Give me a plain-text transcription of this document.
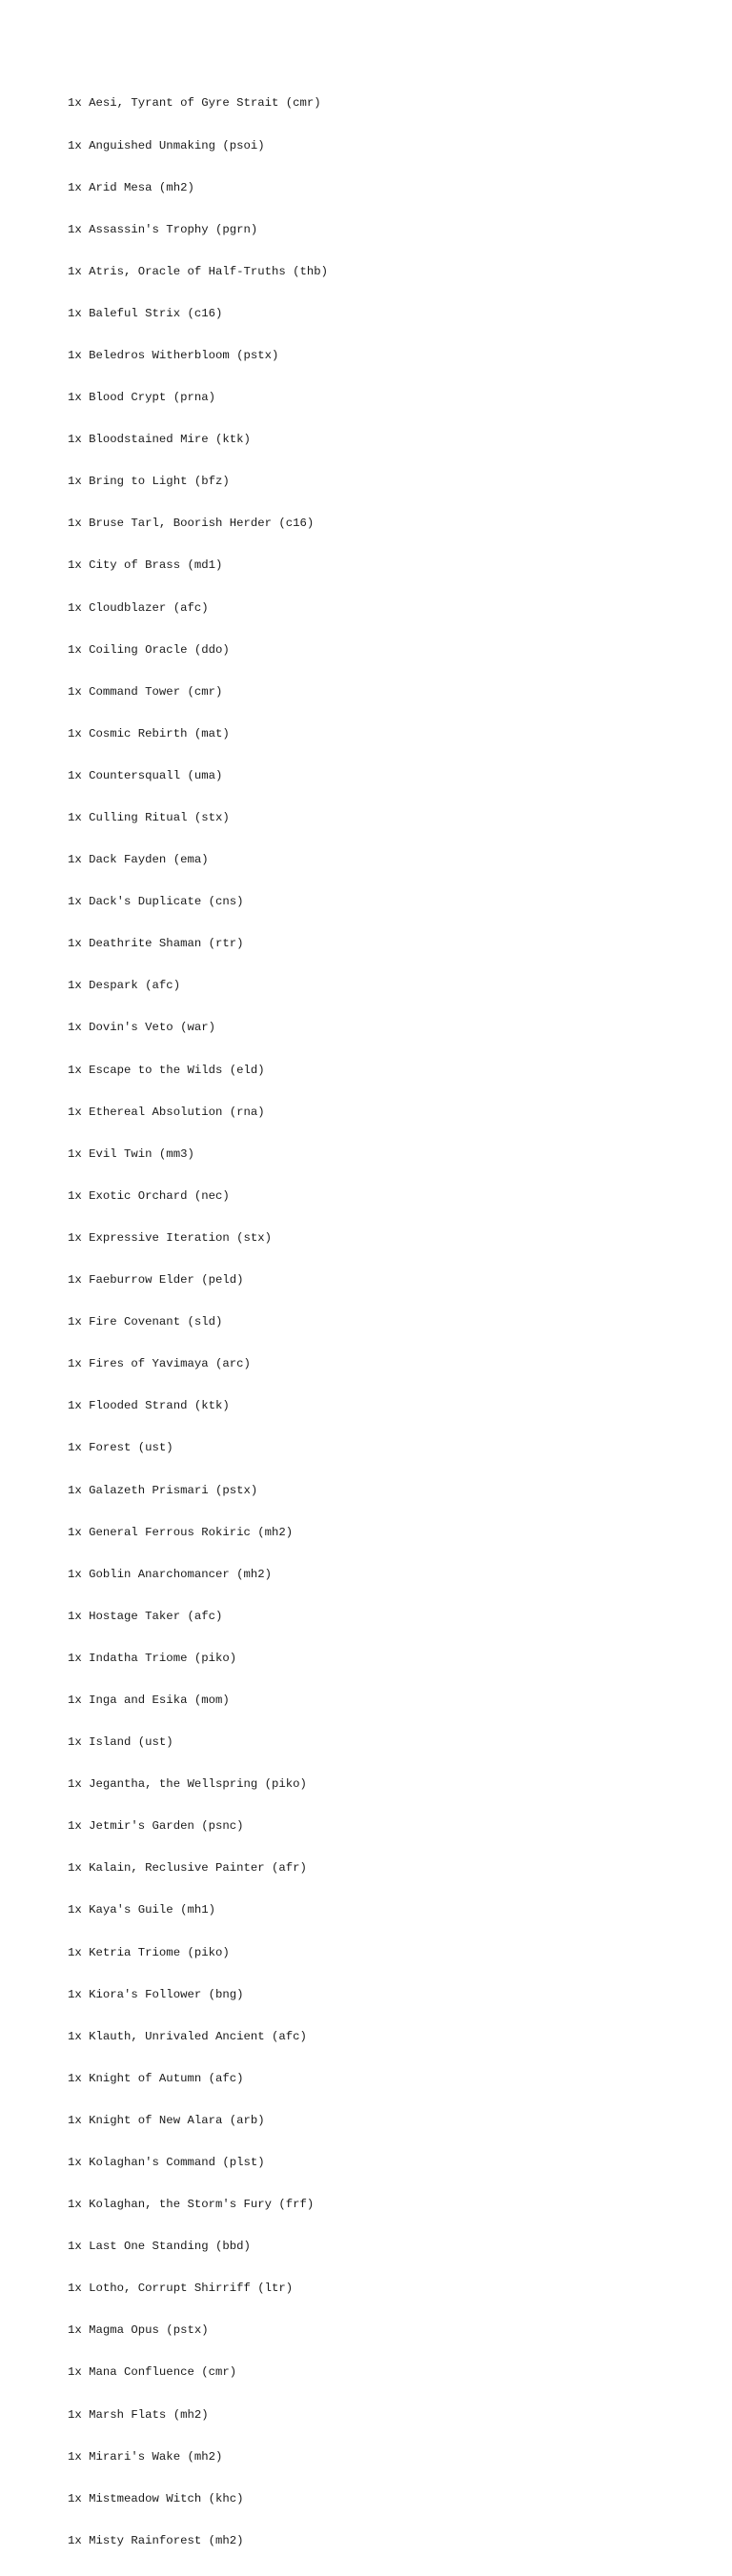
1x Aesi, Tyrant of Gyre Strait (cmr)

1x Anguished Unmaking (psoi)

1x Arid Mesa (mh2)

1x Assassin's Trophy (pgrn)

1x Atris, Oracle of Half-Truths (thb)

1x Baleful Strix (c16)

1x Beledros Witherbloom (pstx)

1x Blood Crypt (prna)

1x Bloodstained Mire (ktk)

1x Bring to Light (bfz)

1x Bruse Tarl, Boorish Herder (c16)

1x City of Brass (md1)

1x Cloudblazer (afc)

1x Coiling Oracle (ddo)

1x Command Tower (cmr)

1x Cosmic Rebirth (mat)

1x Countersquall (uma)

1x Culling Ritual (stx)

1x Dack Fayden (ema)

1x Dack's Duplicate (cns)

1x Deathrite Shaman (rtr)

1x Despark (afc)

1x Dovin's Veto (war)

1x Escape to the Wilds (eld)

1x Ethereal Absolution (rna)

1x Evil Twin (mm3)

1x Exotic Orchard (nec)

1x Expressive Iteration (stx)

1x Faeburrow Elder (peld)

1x Fire Covenant (sld)

1x Fires of Yavimaya (arc)

1x Flooded Strand (ktk)

1x Forest (ust)

1x Galazeth Prismari (pstx)

1x General Ferrous Rokiric (mh2)

1x Goblin Anarchomancer (mh2)

1x Hostage Taker (afc)

1x Indatha Triome (piko)

1x Inga and Esika (mom)

1x Island (ust)

1x Jegantha, the Wellspring (piko)

1x Jetmir's Garden (psnc)

1x Kalain, Reclusive Painter (afr)

1x Kaya's Guile (mh1)

1x Ketria Triome (piko)

1x Kiora's Follower (bng)

1x Klauth, Unrivaled Ancient (afc)

1x Knight of Autumn (afc)

1x Knight of New Alara (arb)

1x Kolaghan's Command (plst)

1x Kolaghan, the Storm's Fury (frf)

1x Last One Standing (bbd)

1x Lotho, Corrupt Shirriff (ltr)

1x Magma Opus (pstx)

1x Mana Confluence (cmr)

1x Marsh Flats (mh2)

1x Mirari's Wake (mh2)

1x Mistmeadow Witch (khc)

1x Misty Rainforest (mh2)
